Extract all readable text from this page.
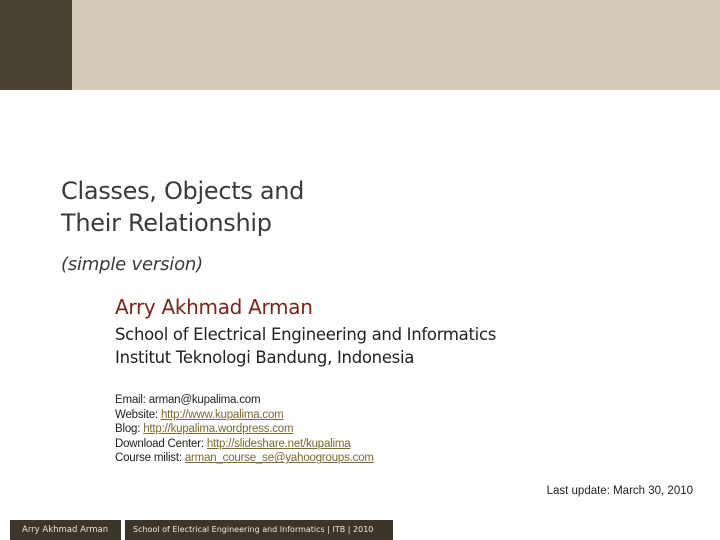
Classes, Objects and
Their Relationship
(simple version)
Arry Akhmad Arman
School of Electrical Engineering and Informatics
Institut Teknologi Bandung, Indonesia
Email: arman@kupalima.com
Website: http://www.kupalima.com
Blog: http://kupalima.wordpress.com
Download Center: http://slideshare.net/kupalima
Course milist: arman_course_se@yahoogroups.com
Last update: March 30, 2010
Arry Akhmad Arman	School of Electrical Engineering and Informatics | ITB | 2010
